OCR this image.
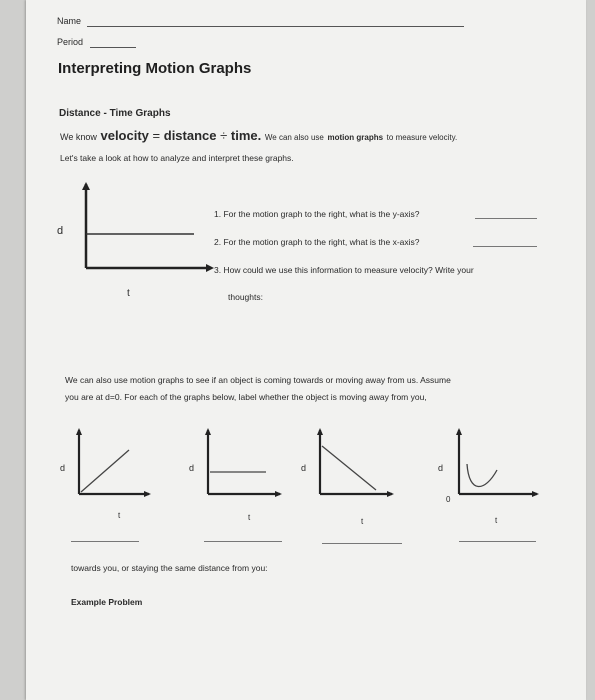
Name
Period
Interpreting Motion Graphs
Distance - Time Graphs
We know velocity = distance ÷ time. We can also use motion graphs to measure velocity.
Let's take a look at how to analyze and interpret these graphs.
d
t
1. For the motion graph to the right, what is the y-axis?
2. For the motion graph to the right, what is the x-axis?
3. How could we use this information to measure velocity? Write your
thoughts:
We can also use motion graphs to see if an object is coming towards or moving away from us. Assume
you are at d=0. For each of the graphs below, label whether the object is moving away from you,
d
t
d
t
d
t
d
0
t
towards you, or staying the same distance from you:
Example Problem
